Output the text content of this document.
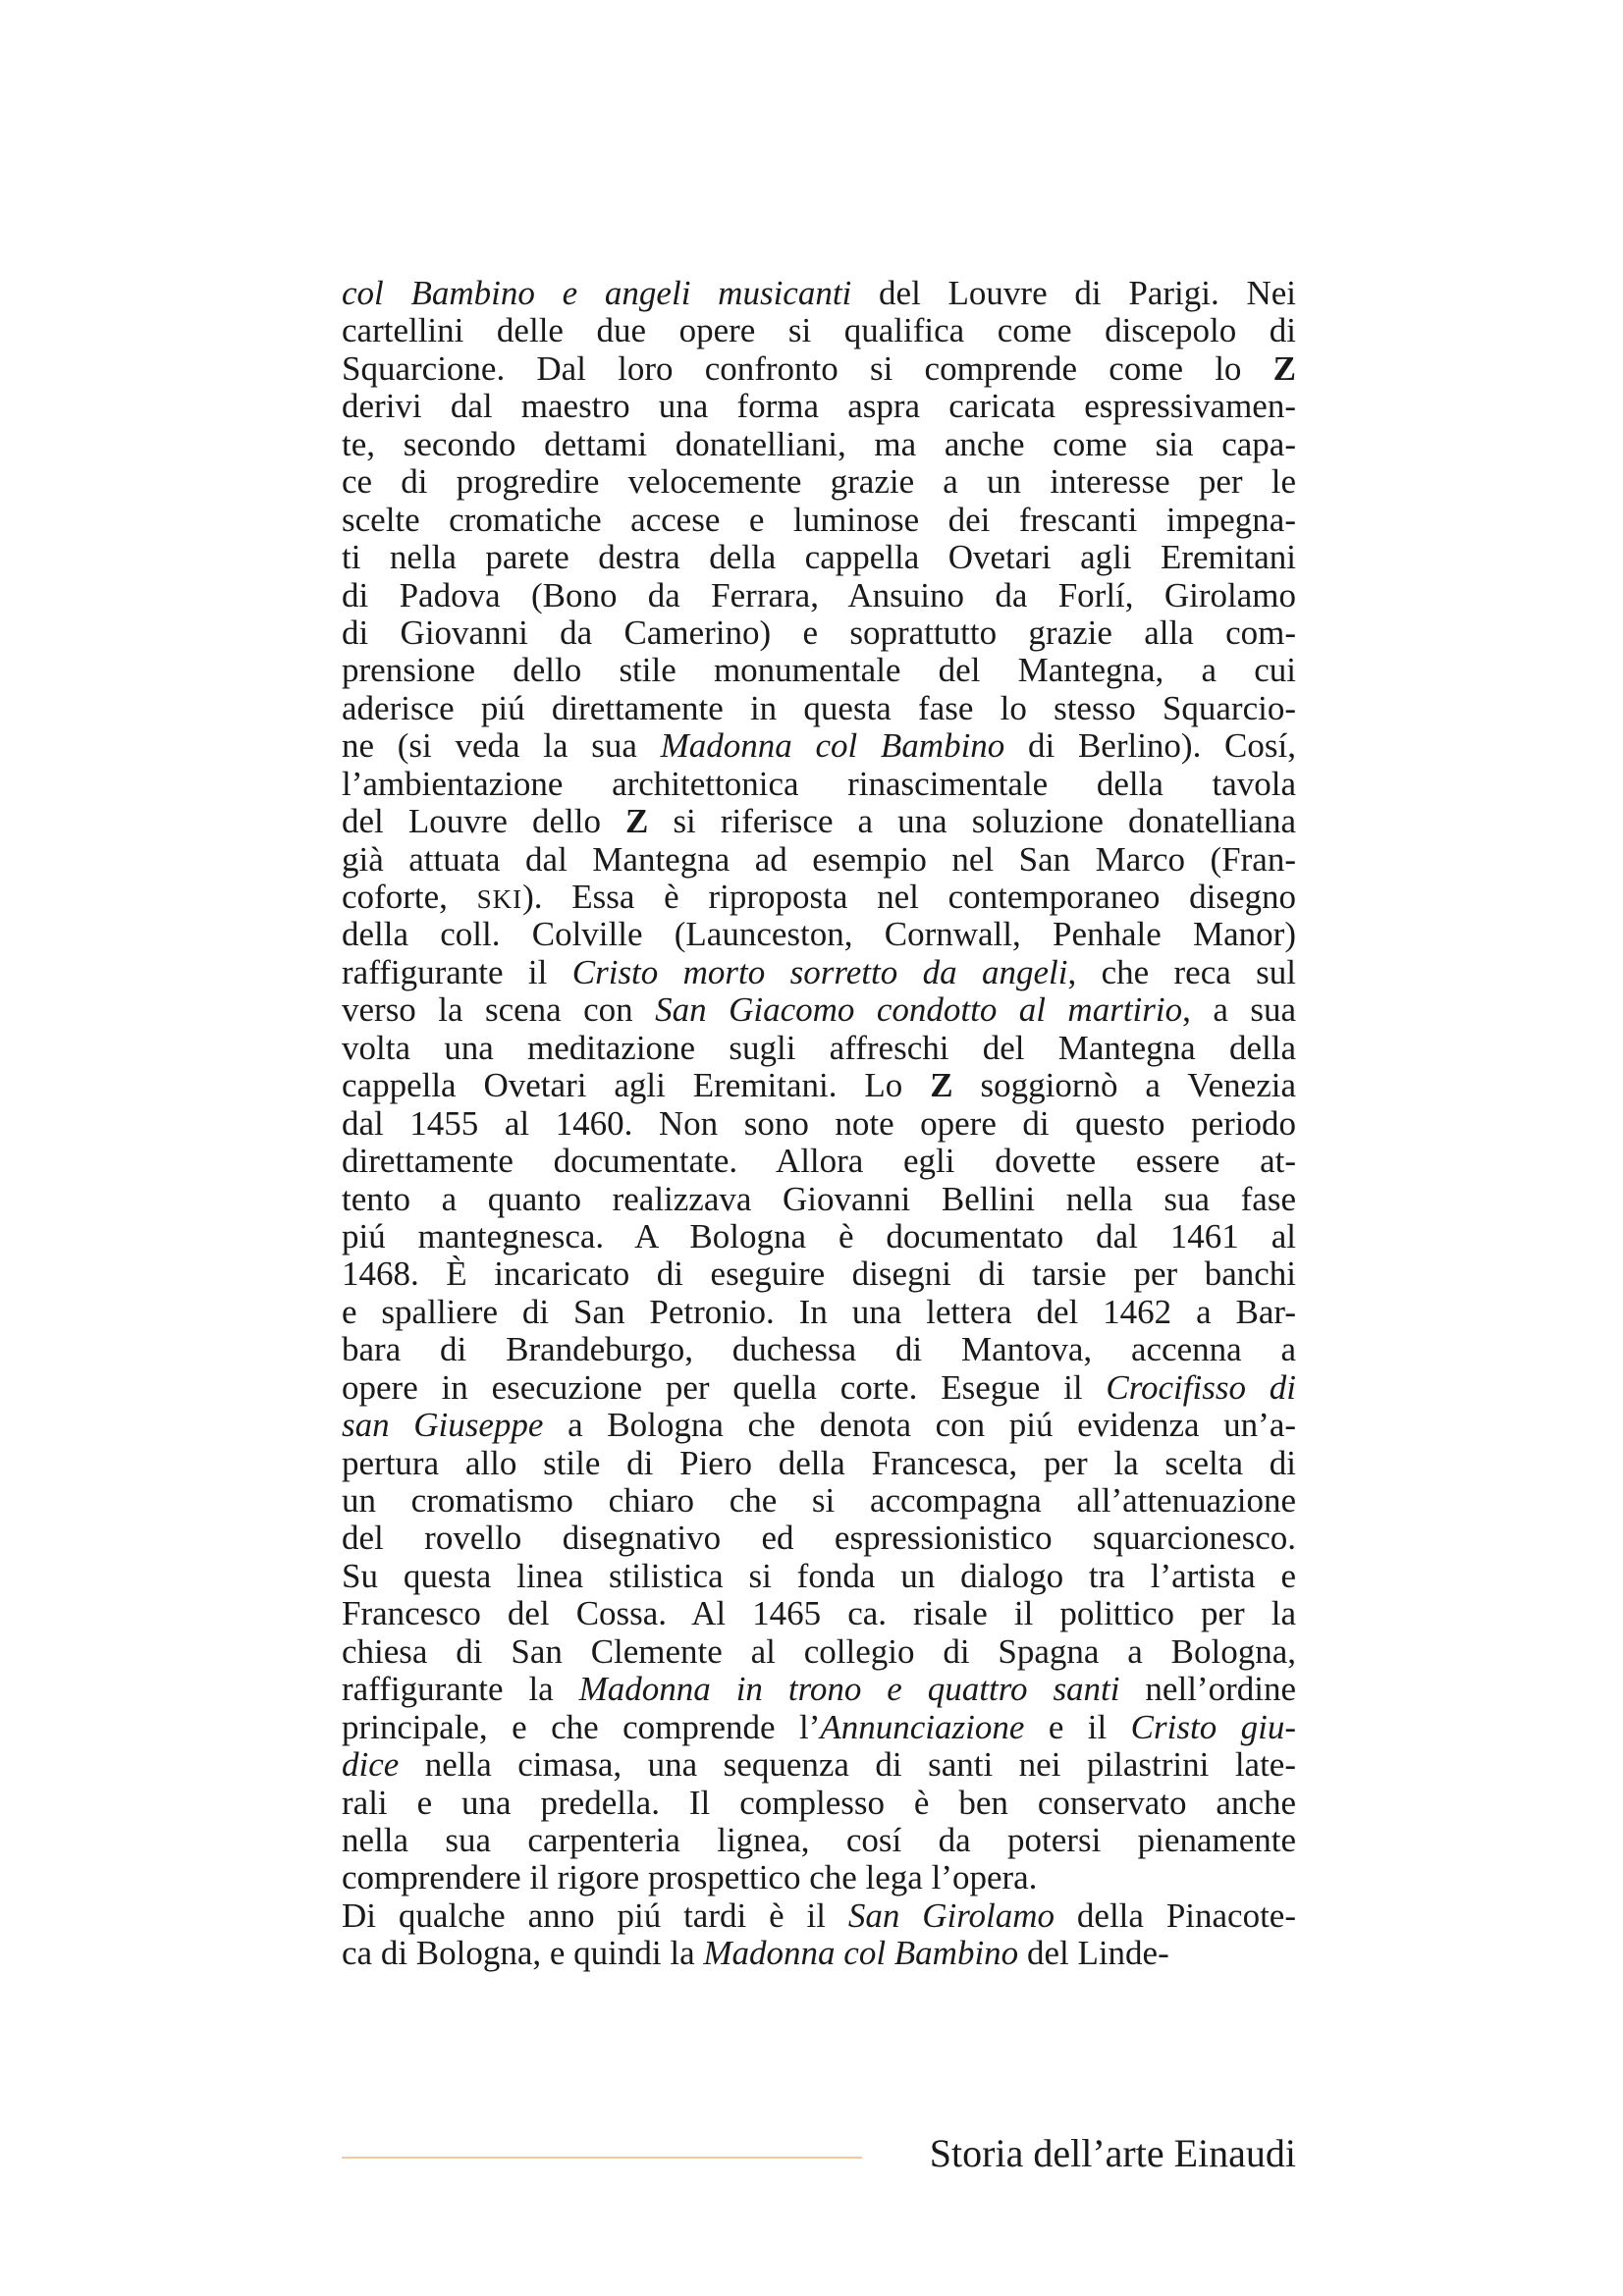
col Bambino e angeli musicanti del Louvre di Parigi. Nei
cartellini delle due opere si qualifica come discepolo di
Squarcione. Dal loro confronto si comprende come lo Z
derivi dal maestro una forma aspra caricata espressivamen-
te, secondo dettami donatelliani, ma anche come sia capa-
ce di progredire velocemente grazie a un interesse per le
scelte cromatiche accese e luminose dei frescanti impegna-
ti nella parete destra della cappella Ovetari agli Eremitani
di Padova (Bono da Ferrara, Ansuino da Forlí, Girolamo
di Giovanni da Camerino) e soprattutto grazie alla com-
prensione dello stile monumentale del Mantegna, a cui
aderisce piú direttamente in questa fase lo stesso Squarcio-
ne (si veda la sua Madonna col Bambino di Berlino). Cosí,
l’ambientazione architettonica rinascimentale della tavola
del Louvre dello Z si riferisce a una soluzione donatelliana
già attuata dal Mantegna ad esempio nel San Marco (Fran-
coforte, SKI). Essa è riproposta nel contemporaneo disegno
della coll. Colville (Launceston, Cornwall, Penhale Manor)
raffigurante il Cristo morto sorretto da angeli, che reca sul
verso la scena con San Giacomo condotto al martirio, a sua
volta una meditazione sugli affreschi del Mantegna della
cappella Ovetari agli Eremitani. Lo Z soggiornò a Venezia
dal 1455 al 1460. Non sono note opere di questo periodo
direttamente documentate. Allora egli dovette essere at-
tento a quanto realizzava Giovanni Bellini nella sua fase
piú mantegnesca. A Bologna è documentato dal 1461 al
1468. È incaricato di eseguire disegni di tarsie per banchi
e spalliere di San Petronio. In una lettera del 1462 a Bar-
bara di Brandeburgo, duchessa di Mantova, accenna a
opere in esecuzione per quella corte. Esegue il Crocifisso di
san Giuseppe a Bologna che denota con piú evidenza un’a-
pertura allo stile di Piero della Francesca, per la scelta di
un cromatismo chiaro che si accompagna all’attenuazione
del rovello disegnativo ed espressionistico squarcionesco.
Su questa linea stilistica si fonda un dialogo tra l’artista e
Francesco del Cossa. Al 1465 ca. risale il polittico per la
chiesa di San Clemente al collegio di Spagna a Bologna,
raffigurante la Madonna in trono e quattro santi nell’ordine
principale, e che comprende l’Annunciazione e il Cristo giu-
dice nella cimasa, una sequenza di santi nei pilastrini late-
rali e una predella. Il complesso è ben conservato anche
nella sua carpenteria lignea, cosí da potersi pienamente
comprendere il rigore prospettico che lega l’opera.
Di qualche anno piú tardi è il San Girolamo della Pinacote-
ca di Bologna, e quindi la Madonna col Bambino del Linde-
Storia dell’arte Einaudi
